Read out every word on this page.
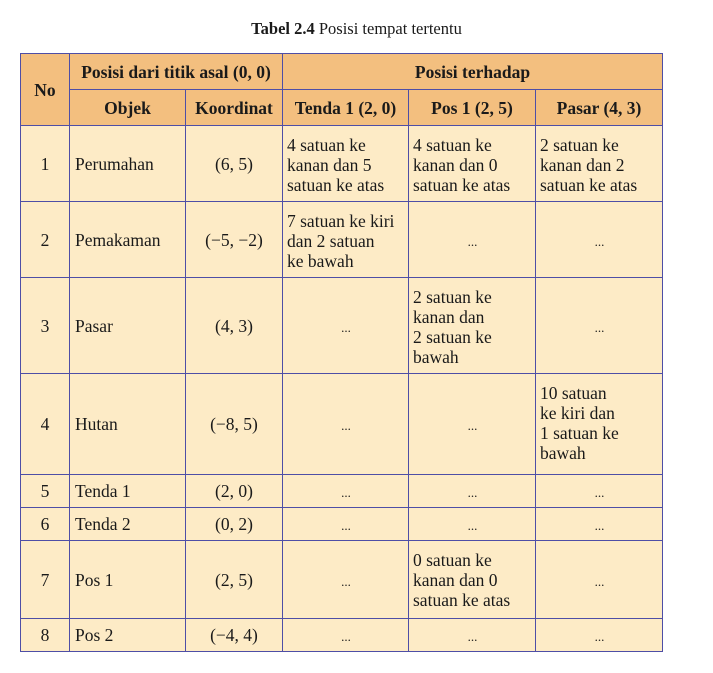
Tabel 2.4 Posisi tempat tertentu
No	Posisi dari titik asal (0, 0)		Posisi terhadap		
	Objek	Koordinat	Tenda 1 (2, 0)	Pos 1 (2, 5)	Pasar (4, 3)
1	Perumahan	(6, 5)	4 satuan ke
kanan dan 5
satuan ke atas	4 satuan ke
kanan dan 0
satuan ke atas	2 satuan ke
kanan dan 2
satuan ke atas

2	Pemakaman	(−5, −2)	7 satuan ke kiri
dan 2 satuan
ke bawah	...	...
3	Pasar	(4, 3)	...	2 satuan ke
kanan dan
2 satuan ke
bawah	...
4	Hutan	(−8, 5)	...	...	10 satuan
ke kiri dan
1 satuan ke
bawah

5	Tenda 1	(2, 0)	...	...	...
6	Tenda 2	(0, 2)	...	...	...
7	Pos 1	(2, 5)	...	0 satuan ke
kanan dan 0
satuan ke atas	...
8	Pos 2	(−4, 4)	...	...	...
